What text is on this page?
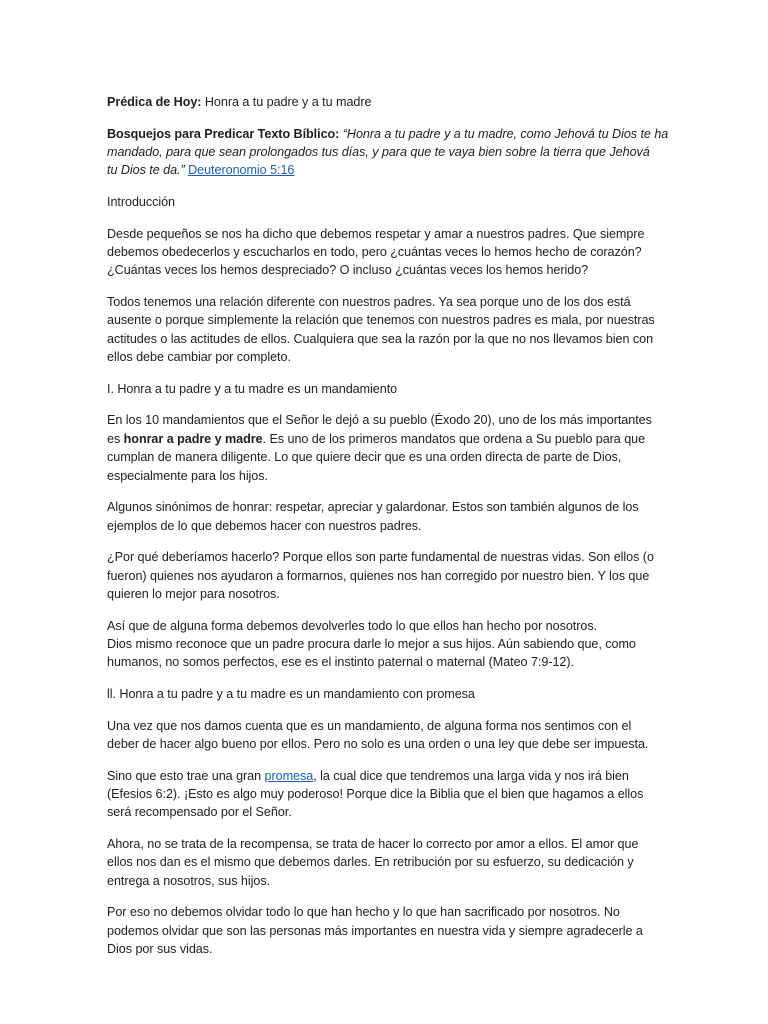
Prédica de Hoy: Honra a tu padre y a tu madre

Bosquejos para Predicar Texto Bíblico: “Honra a tu padre y a tu madre, como Jehová tu Dios te ha
mandado, para que sean prolongados tus días, y para que te vaya bien sobre la tierra que Jehová
tu Dios te da.” Deuteronomio 5:16

Introducción

Desde pequeños se nos ha dicho que debemos respetar y amar a nuestros padres. Que siempre
debemos obedecerlos y escucharlos en todo, pero ¿cuántas veces lo hemos hecho de corazón?
¿Cuántas veces los hemos despreciado? O incluso ¿cuántas veces los hemos herido?

Todos tenemos una relación diferente con nuestros padres. Ya sea porque uno de los dos está
ausente o porque simplemente la relación que tenemos con nuestros padres es mala, por nuestras
actitudes o las actitudes de ellos. Cualquiera que sea la razón por la que no nos llevamos bien con
ellos debe cambiar por completo.

I. Honra a tu padre y a tu madre es un mandamiento

En los 10 mandamientos que el Señor le dejó a su pueblo (Éxodo 20), uno de los más importantes
es honrar a padre y madre. Es uno de los primeros mandatos que ordena a Su pueblo para que
cumplan de manera diligente. Lo que quiere decir que es una orden directa de parte de Dios,
especialmente para los hijos.

Algunos sinónimos de honrar: respetar, apreciar y galardonar. Estos son también algunos de los
ejemplos de lo que debemos hacer con nuestros padres.

¿Por qué deberíamos hacerlo? Porque ellos son parte fundamental de nuestras vidas. Son ellos (o
fueron) quienes nos ayudaron a formarnos, quienes nos han corregido por nuestro bien. Y los que
quieren lo mejor para nosotros.

Así que de alguna forma debemos devolverles todo lo que ellos han hecho por nosotros.
Dios mismo reconoce que un padre procura darle lo mejor a sus hijos. Aún sabiendo que, como
humanos, no somos perfectos, ese es el instinto paternal o maternal (Mateo 7:9-12).

ll. Honra a tu padre y a tu madre es un mandamiento con promesa

Una vez que nos damos cuenta que es un mandamiento, de alguna forma nos sentimos con el
deber de hacer algo bueno por ellos. Pero no solo es una orden o una ley que debe ser impuesta.

Sino que esto trae una gran promesa, la cual dice que tendremos una larga vida y nos irá bien
(Efesios 6:2). ¡Esto es algo muy poderoso! Porque dice la Biblia que el bien que hagamos a ellos
será recompensado por el Señor.

Ahora, no se trata de la recompensa, se trata de hacer lo correcto por amor a ellos. El amor que
ellos nos dan es el mismo que debemos darles. En retribución por su esfuerzo, su dedicación y
entrega a nosotros, sus hijos.

Por eso no debemos olvidar todo lo que han hecho y lo que han sacrificado por nosotros. No
podemos olvidar que son las personas más importantes en nuestra vida y siempre agradecerle a
Dios por sus vidas.
